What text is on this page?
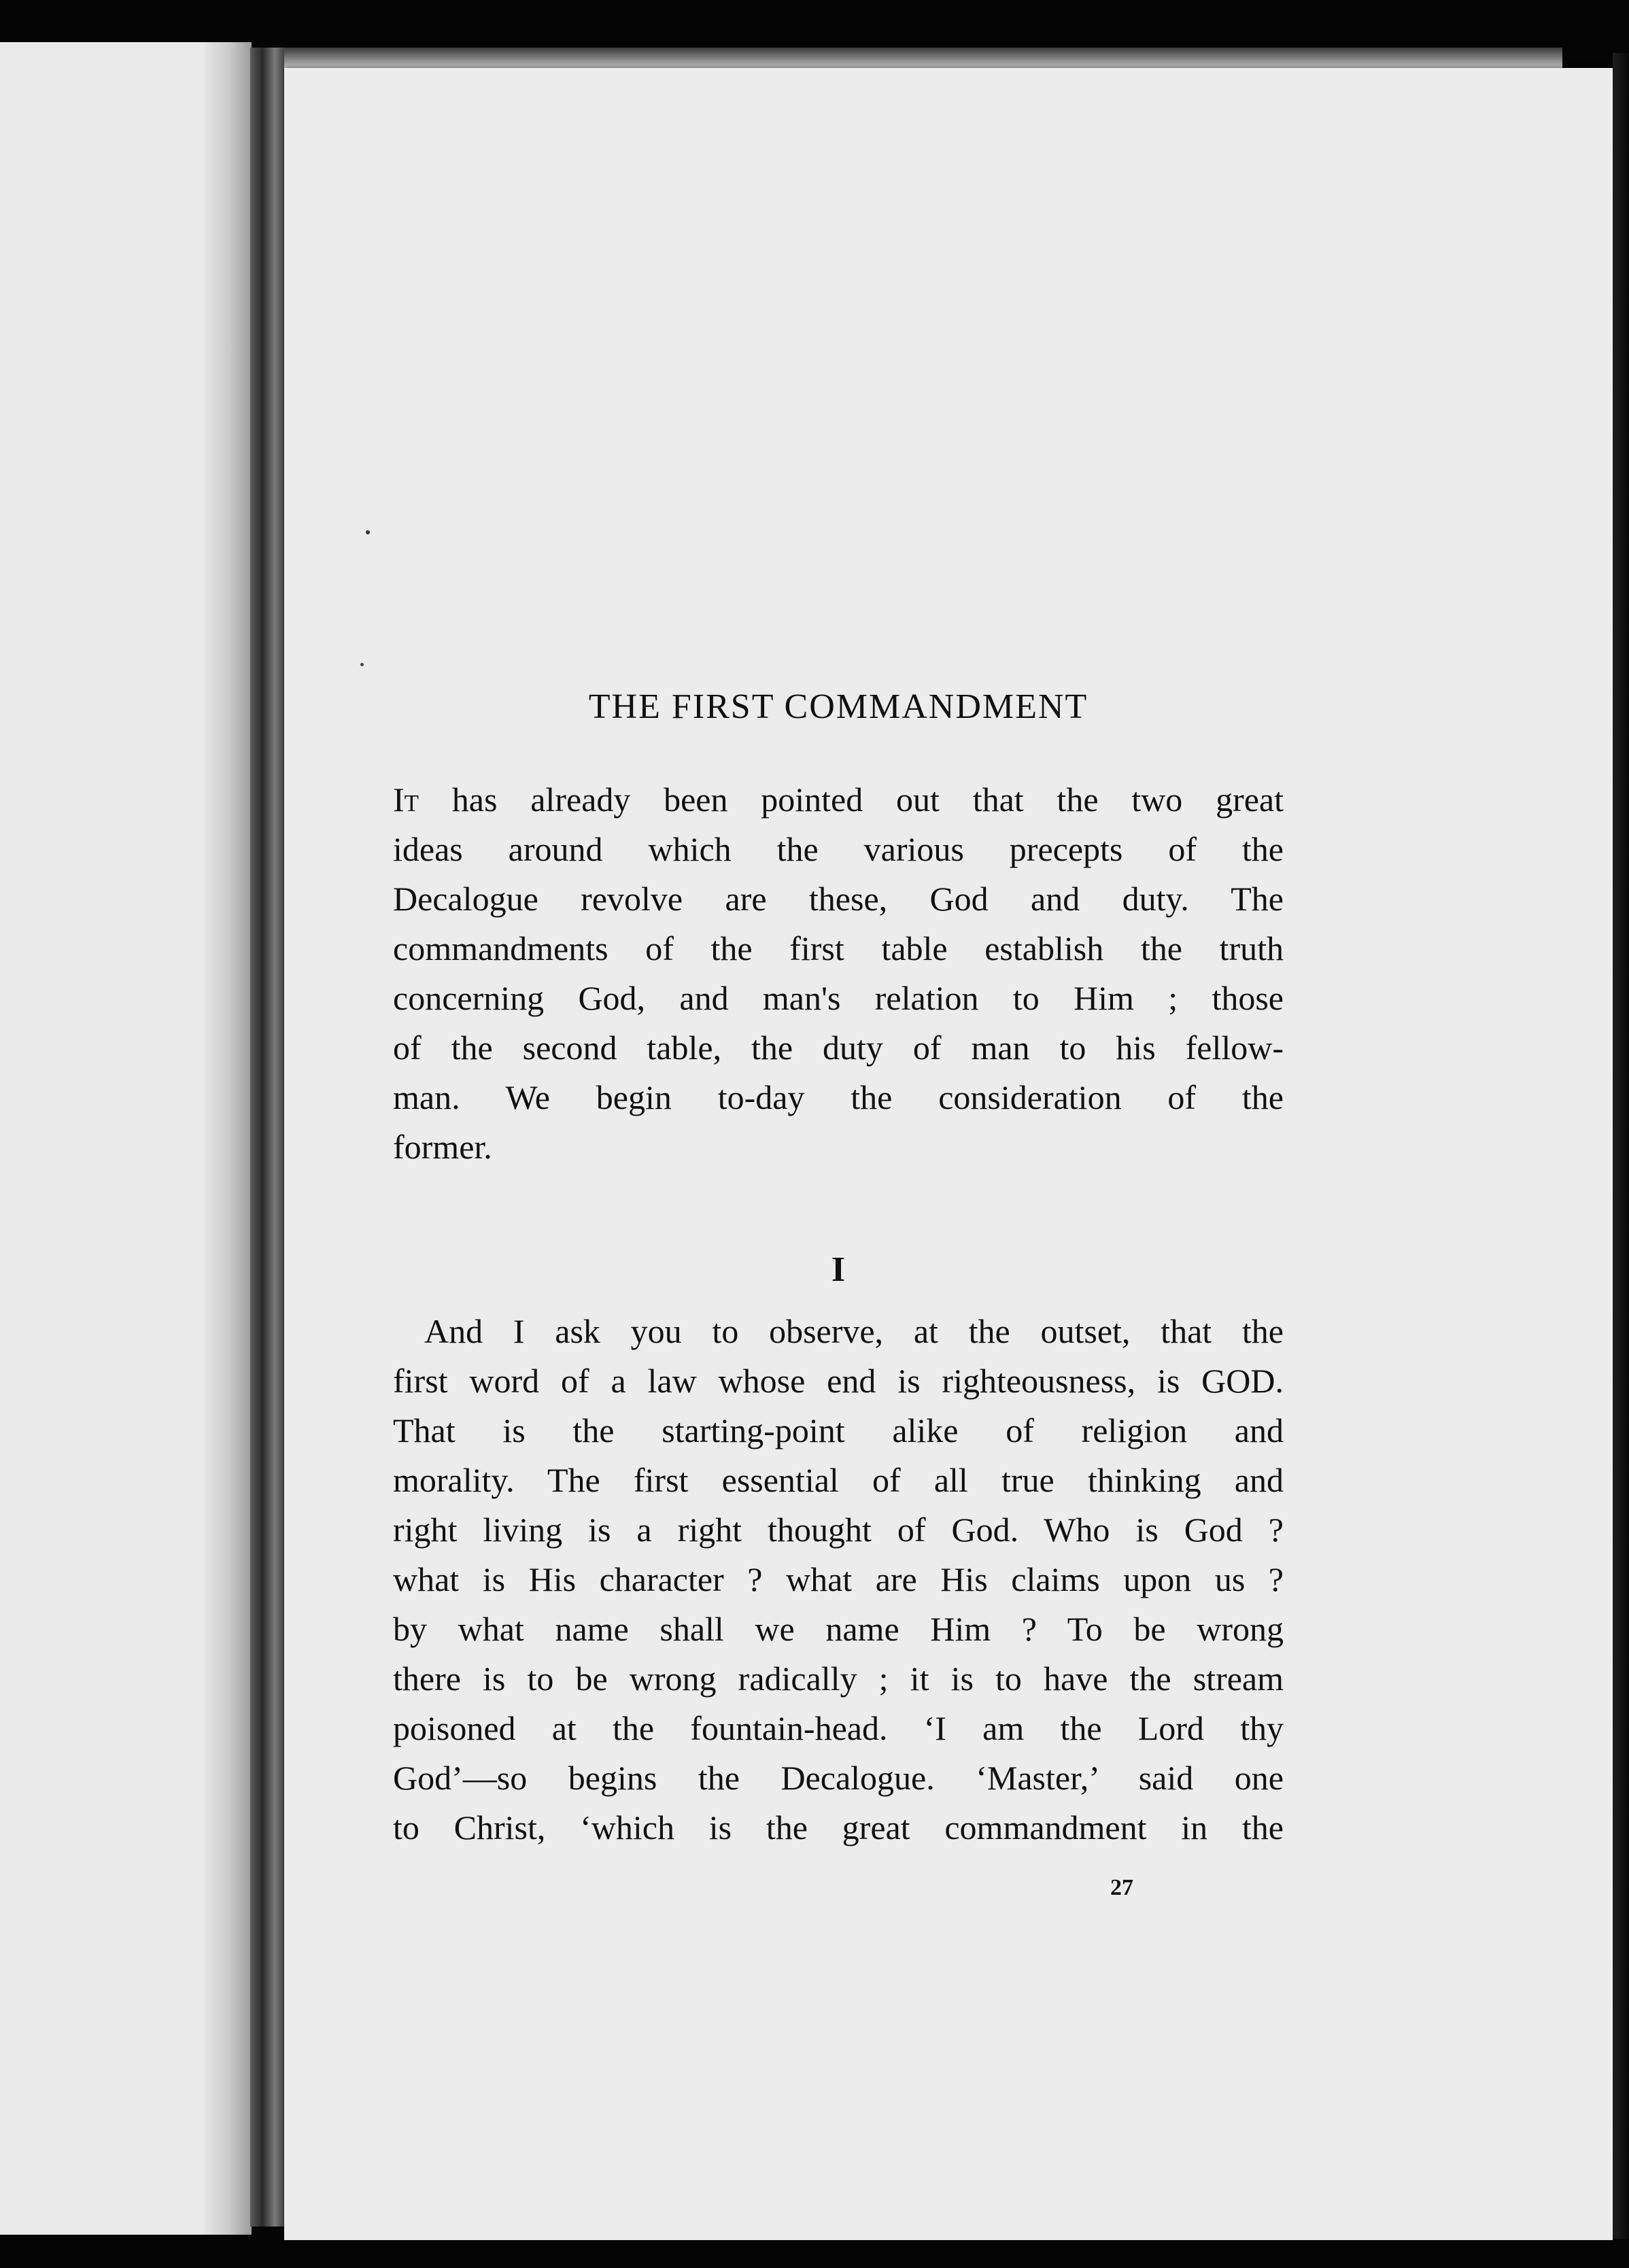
THE FIRST COMMANDMENT
It has already been pointed out that the two great
ideas around which the various precepts of the
Decalogue revolve are these, God and duty. The
commandments of the first table establish the truth
concerning God, and man's relation to Him ; those
of the second table, the duty of man to his fellow-
man. We begin to-day the consideration of the
former.
I
And I ask you to observe, at the outset, that the
first word of a law whose end is righteousness, is GOD.
That is the starting-point alike of religion and
morality. The first essential of all true thinking and
right living is a right thought of God. Who is God ?
what is His character ? what are His claims upon us ?
by what name shall we name Him ? To be wrong
there is to be wrong radically ; it is to have the stream
poisoned at the fountain-head. ‘I am the Lord thy
God’—so begins the Decalogue. ‘Master,’ said one
to Christ, ‘which is the great commandment in the
27
